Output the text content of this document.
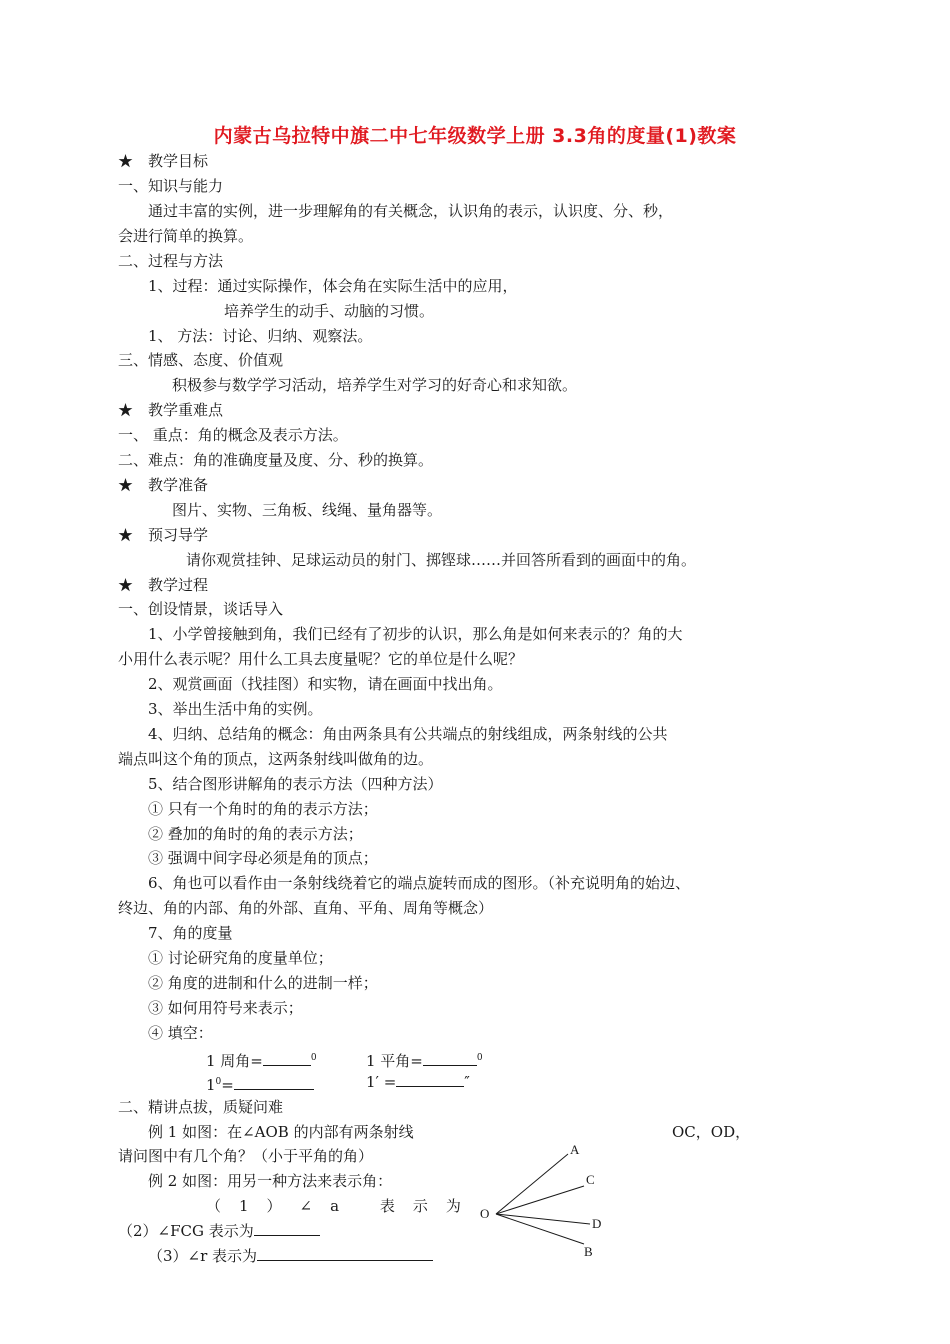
内蒙古乌拉特中旗二中七年级数学上册 3.3角的度量(1)教案
★　教学目标
一、知识与能力
通过丰富的实例，进一步理解角的有关概念，认识角的表示，认识度、分、秒，
会进行简单的换算。
二、过程与方法
1、过程：通过实际操作，体会角在实际生活中的应用，
培养学生的动手、动脑的习惯。
1、 方法：讨论、归纳、观察法。
三、情感、态度、价值观
积极参与数学学习活动，培养学生对学习的好奇心和求知欲。
★　教学重难点
一、 重点：角的概念及表示方法。
二、难点：角的准确度量及度、分、秒的换算。
★　教学准备
图片、实物、三角板、线绳、量角器等。
★　预习导学
请你观赏挂钟、足球运动员的射门、掷铿球……并回答所看到的画面中的角。
★　教学过程
一、创设情景，谈话导入
1、小学曾接触到角，我们已经有了初步的认识，那么角是如何来表示的？角的大
小用什么表示呢？用什么工具去度量呢？它的单位是什么呢？
2、观赏画面（找挂图）和实物，请在画面中找出角。
3、举出生活中角的实例。
4、归纳、总结角的概念：角由两条具有公共端点的射线组成，两条射线的公共
端点叫这个角的顶点，这两条射线叫做角的边。
5、结合图形讲解角的表示方法（四种方法）
① 只有一个角时的角的表示方法；
② 叠加的角时的角的表示方法；
③ 强调中间字母必须是角的顶点；
6、角也可以看作由一条射线绕着它的端点旋转而成的图形。（补充说明角的始边、
终边、角的内部、角的外部、直角、平角、周角等概念）
7、角的度量
① 讨论研究角的度量单位；
② 角度的进制和什么的进制一样；
③ 如何用符号来表示；
④ 填空：
1 周角=	$^0$	1 平角=	$^0$
$1^0=$	1′ =	″
二、精讲点拔，质疑问难
例 1 如图：在∠AOB 的内部有两条射线	OC，OD，
请问图中有几个角？（小于平角的角）
例 2 如图：用另一种方法来表示角：
（1）∠a 表示为
（2）∠FCG 表示为
（3）∠r 表示为
O
A
C
D
B
